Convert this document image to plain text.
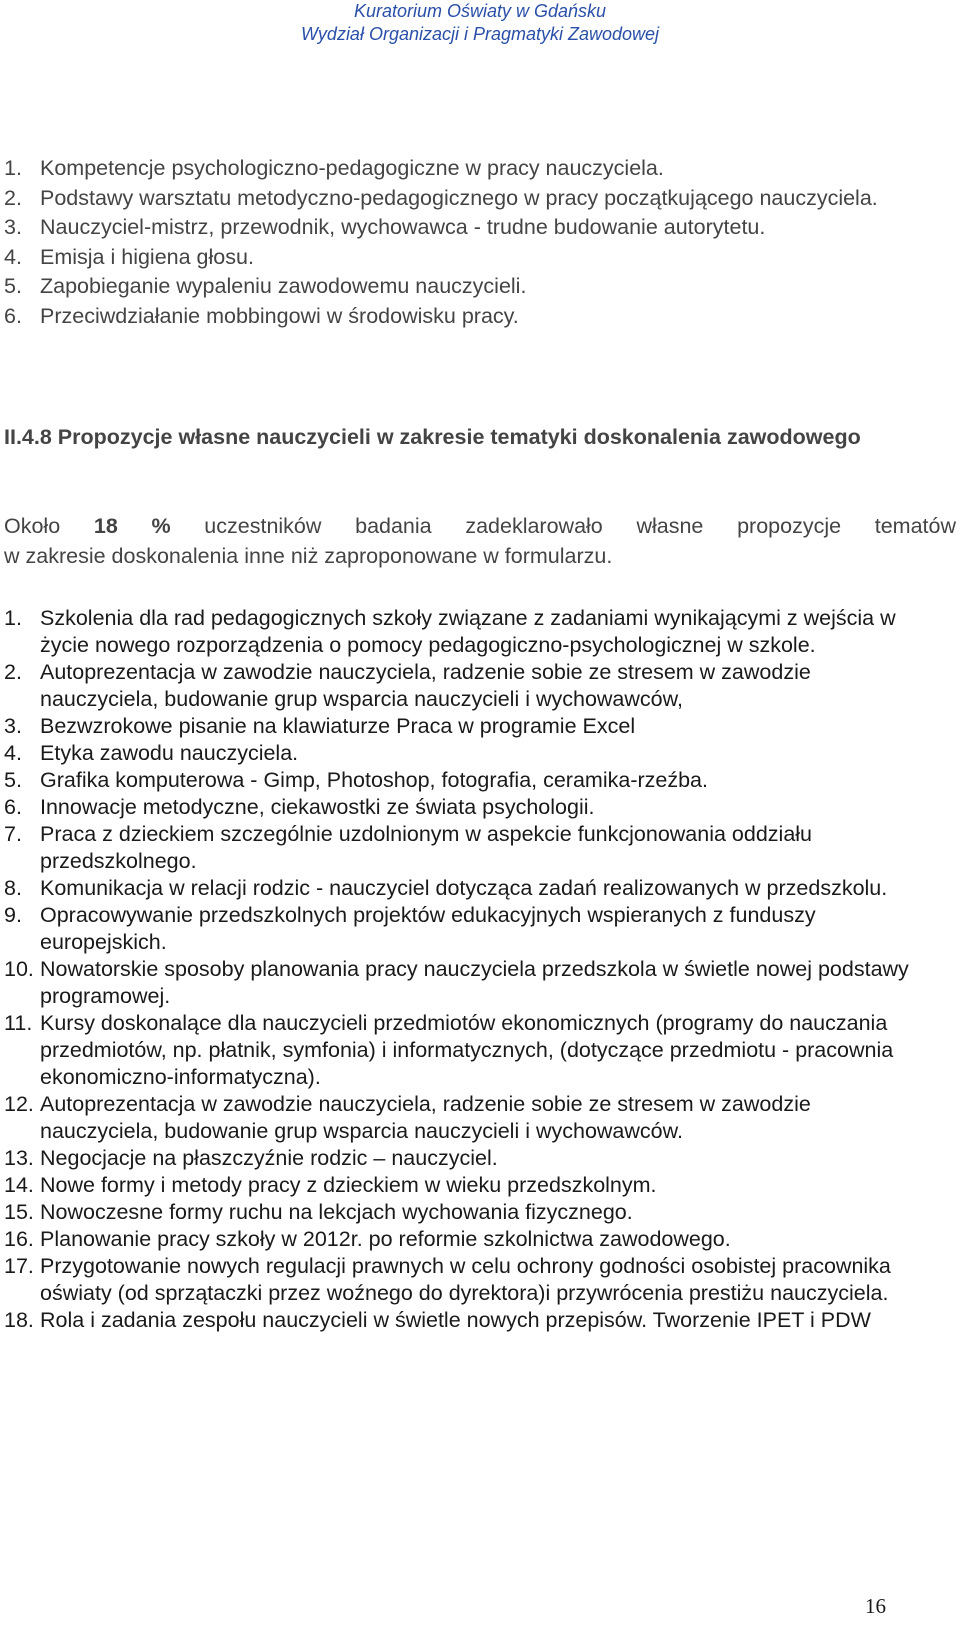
Kuratorium Oświaty w Gdańsku
Wydział Organizacji i Pragmatyki Zawodowej
1. Kompetencje psychologiczno-pedagogiczne w pracy nauczyciela.
2. Podstawy warsztatu metodyczno-pedagogicznego w pracy początkującego nauczyciela.
3. Nauczyciel-mistrz, przewodnik, wychowawca - trudne budowanie autorytetu.
4. Emisja i higiena głosu.
5. Zapobieganie wypaleniu zawodowemu nauczycieli.
6. Przeciwdziałanie mobbingowi w środowisku pracy.
II.4.8 Propozycje własne nauczycieli w zakresie tematyki doskonalenia zawodowego
Około 18 % uczestników badania zadeklarowało własne propozycje tematów
w zakresie doskonalenia inne niż zaproponowane w formularzu.
1. Szkolenia dla rad pedagogicznych szkoły związane z zadaniami wynikającymi z wejścia w życie nowego rozporządzenia o pomocy pedagogiczno-psychologicznej w szkole.
2. Autoprezentacja w zawodzie nauczyciela, radzenie sobie ze stresem w zawodzie nauczyciela, budowanie grup wsparcia nauczycieli i wychowawców,
3. Bezwzrokowe pisanie na klawiaturze Praca w programie Excel
4. Etyka zawodu nauczyciela.
5. Grafika komputerowa - Gimp, Photoshop, fotografia, ceramika-rzeźba.
6. Innowacje metodyczne, ciekawostki ze świata psychologii.
7. Praca z dzieckiem szczególnie uzdolnionym w aspekcie funkcjonowania oddziału przedszkolnego.
8. Komunikacja w relacji rodzic - nauczyciel dotycząca zadań realizowanych w przedszkolu.
9. Opracowywanie przedszkolnych projektów edukacyjnych wspieranych z funduszy europejskich.
10. Nowatorskie sposoby planowania pracy nauczyciela przedszkola w świetle nowej podstawy programowej.
11. Kursy doskonalące dla nauczycieli przedmiotów ekonomicznych (programy do nauczania przedmiotów, np. płatnik, symfonia) i informatycznych, (dotyczące przedmiotu - pracownia ekonomiczno-informatyczna).
12. Autoprezentacja w zawodzie nauczyciela, radzenie sobie ze stresem w zawodzie nauczyciela, budowanie grup wsparcia nauczycieli i wychowawców.
13. Negocjacje na płaszczyźnie rodzic – nauczyciel.
14. Nowe formy i metody pracy z dzieckiem w wieku przedszkolnym.
15. Nowoczesne formy ruchu na lekcjach wychowania fizycznego.
16. Planowanie pracy szkoły w 2012r. po reformie szkolnictwa zawodowego.
17. Przygotowanie nowych regulacji prawnych w celu ochrony godności osobistej pracownika oświaty (od sprzątaczki przez woźnego do dyrektora)i przywrócenia prestiżu nauczyciela.
18. Rola i zadania zespołu nauczycieli w świetle nowych przepisów. Tworzenie IPET i PDW
16
